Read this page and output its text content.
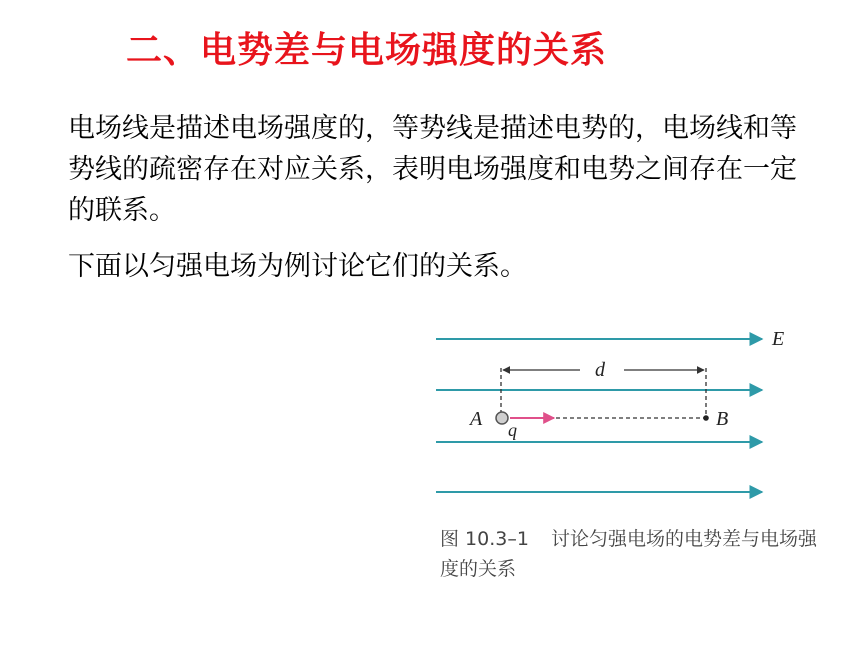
二、电势差与电场强度的关系

电场线是描述电场强度的，等势线是描述电势的，电场线和等势线的疏密存在对应关系，表明电场强度和电势之间存在一定的联系。

下面以匀强电场为例讨论它们的关系。

E
d
A q	B

图 10.3–1 讨论匀强电场的电势差与电场强度的关系
